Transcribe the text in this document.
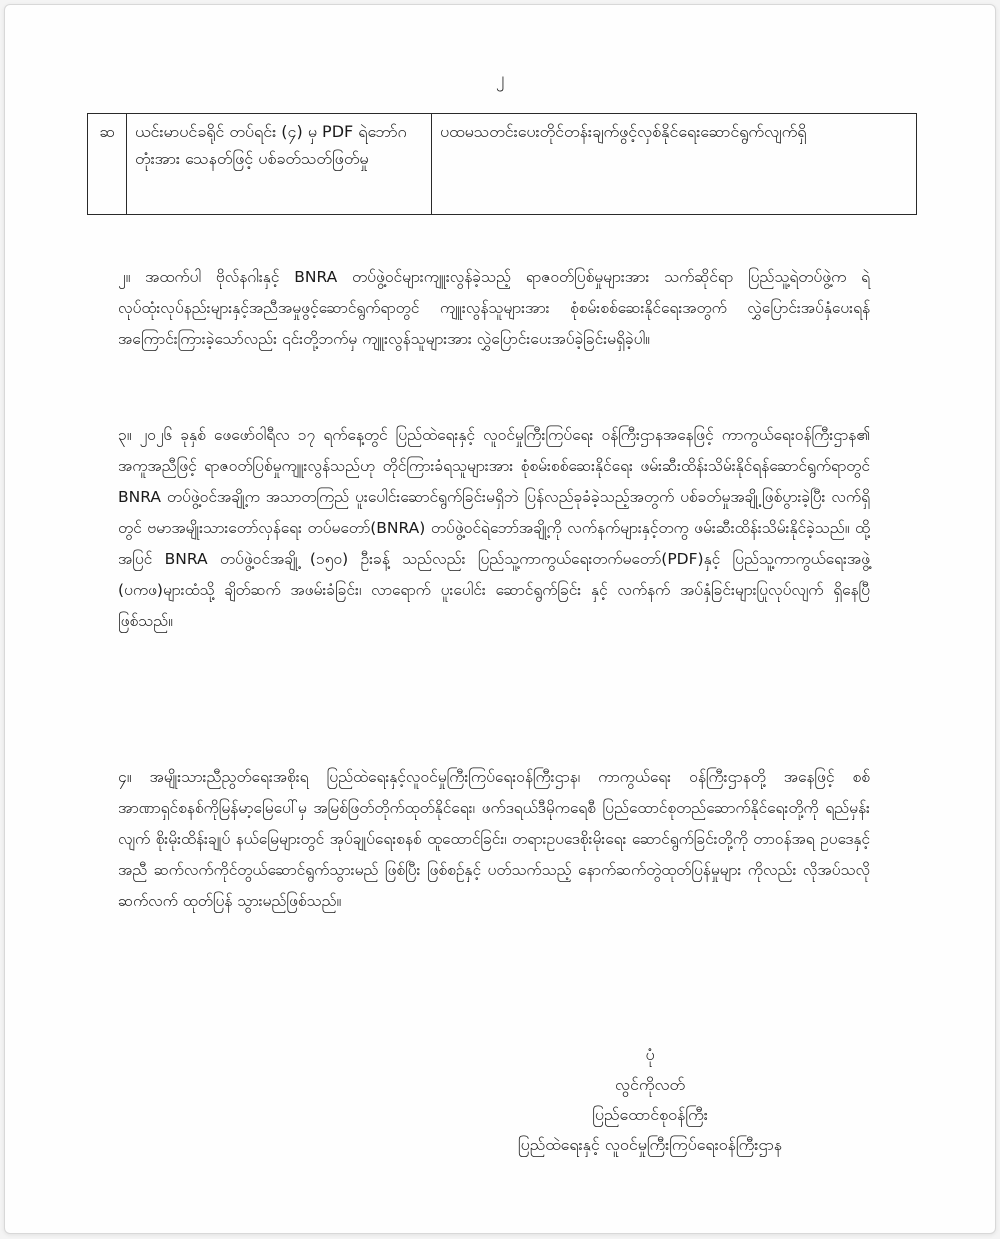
၂
ဆ	ယင်းမာပင်ခရိုင် တပ်ရင်း (၄) မှ PDF ရဲဘော်ဂတုံးအား သေနတ်ဖြင့် ပစ်ခတ်သတ်ဖြတ်မှု	ပထမသတင်းပေးတိုင်တန်းချက်ဖွင့်လှစ်နိုင်ရေးဆောင်ရွက်လျက်ရှိ
၂။ အထက်ပါ ဗိုလ်နဂါးနှင့် BNRA တပ်ဖွဲ့ဝင်များကျူးလွန်ခဲ့သည့် ရာဇဝတ်ပြစ်မှုများအား သက်ဆိုင်ရာ ပြည်သူ့ရဲတပ်ဖွဲ့က ရဲလုပ်ထုံးလုပ်နည်းများနှင့်အညီအမှုဖွင့်ဆောင်ရွက်ရာတွင် ကျူးလွန်သူများအား စုံစမ်းစစ်ဆေးနိုင်ရေးအတွက် လွှဲပြောင်းအပ်နှံပေးရန် အကြောင်းကြားခဲ့သော်လည်း ၎င်းတို့ဘက်မှ ကျူးလွန်သူများအား လွှဲပြောင်းပေးအပ်ခဲ့ခြင်းမရှိခဲ့ပါ။
၃။ ၂၀၂၆ ခုနှစ် ဖေဖော်ဝါရီလ ၁၇ ရက်နေ့တွင် ပြည်ထဲရေးနှင့် လူဝင်မှုကြီးကြပ်ရေး ဝန်ကြီးဌာနအနေဖြင့် ကာကွယ်ရေးဝန်ကြီးဌာန၏ အကူအညီဖြင့် ရာဇဝတ်ပြစ်မှုကျူးလွန်သည်ဟု တိုင်ကြားခံရသူများအား စုံစမ်းစစ်ဆေးနိုင်ရေး ဖမ်းဆီးထိန်းသိမ်းနိုင်ရန်ဆောင်ရွက်ရာတွင် BNRA တပ်ဖွဲ့ဝင်အချို့က အသာတကြည် ပူးပေါင်းဆောင်ရွက်ခြင်းမရှိဘဲ ပြန်လည်ခုခံခဲ့သည့်အတွက် ပစ်ခတ်မှုအချို့ဖြစ်ပွားခဲ့ပြီး လက်ရှိတွင် ဗမာအမျိုးသားတော်လှန်ရေး တပ်မတော်(BNRA) တပ်ဖွဲ့ဝင်ရဲဘော်အချို့ကို လက်နက်များနှင့်တကွ ဖမ်းဆီးထိန်းသိမ်းနိုင်ခဲ့သည်။ ထို့အပြင် BNRA တပ်ဖွဲ့ဝင်အချို့ (၁၅၀) ဦးခန့် သည်လည်း ပြည်သူ့ကာကွယ်ရေးတက်မတော်(PDF)နှင့် ပြည်သူ့ကာကွယ်ရေးအဖွဲ့ (ပကဖ)များထံသို့ ချိတ်ဆက် အဖမ်းခံခြင်း၊ လာရောက် ပူးပေါင်း ဆောင်ရွက်ခြင်း နှင့် လက်နက် အပ်နှံခြင်းများပြုလုပ်လျက် ရှိနေပြီဖြစ်သည်။
၄။ အမျိုးသားညီညွတ်ရေးအစိုးရ ပြည်ထဲရေးနှင့်လူဝင်မှုကြီးကြပ်ရေးဝန်ကြီးဌာန၊ ကာကွယ်ရေး ဝန်ကြီးဌာနတို့ အနေဖြင့် စစ်အာဏာရှင်စနစ်ကိုမြန်မာ့မြေပေါ်မှ အမြစ်ဖြတ်တိုက်ထုတ်နိုင်ရေး၊ ဖက်ဒရယ်ဒီမိုကရေစီ ပြည်ထောင်စုတည်ဆောက်နိုင်ရေးတို့ကို ရည်မှန်းလျက် စိုးမိုးထိန်းချုပ် နယ်မြေများတွင် အုပ်ချုပ်ရေးစနစ် ထူထောင်ခြင်း၊ တရားဥပဒေစိုးမိုးရေး ဆောင်ရွက်ခြင်းတို့ကို တာဝန်အရ ဥပဒေနှင့်အညီ ဆက်လက်ကိုင်တွယ်ဆောင်ရွက်သွားမည် ဖြစ်ပြီး ဖြစ်စဉ်နှင့် ပတ်သက်သည့် နောက်ဆက်တွဲထုတ်ပြန်မှုများ ကိုလည်း လိုအပ်သလို ဆက်လက် ထုတ်ပြန် သွားမည်ဖြစ်သည်။
ပုံ
လွင်ကိုလတ်
ပြည်ထောင်စုဝန်ကြီး
ပြည်ထဲရေးနှင့် လူဝင်မှုကြီးကြပ်ရေးဝန်ကြီးဌာန
